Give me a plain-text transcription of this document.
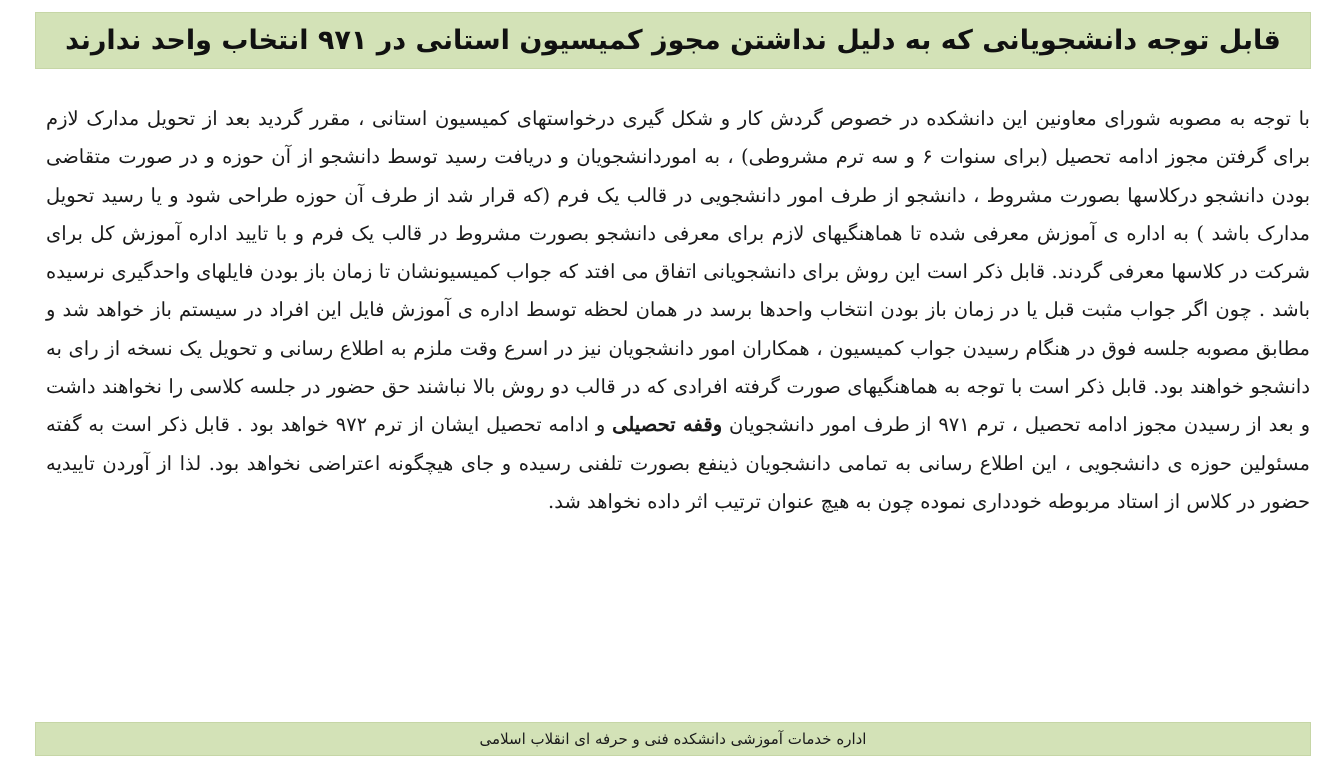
قابل توجه دانشجویانی که به دلیل نداشتن مجوز کمیسیون استانی در ۹۷۱ انتخاب واحد ندارند

با توجه به مصوبه شورای معاونین این دانشکده در خصوص گردش کار و شکل گیری درخواستهای کمیسیون استانی ، مقرر گردید بعد از تحویل مدارک لازم برای گرفتن مجوز ادامه تحصیل (برای سنوات ۶ و سه ترم مشروطی) ، به اموردانشجویان و دریافت رسید توسط دانشجو از آن حوزه و در صورت متقاضی بودن دانشجو درکلاسها بصورت مشروط ، دانشجو از طرف امور دانشجویی در قالب یک فرم (که قرار شد از طرف آن حوزه طراحی شود و یا رسید تحویل مدارک باشد ) به اداره ی آموزش معرفی شده تا هماهنگیهای لازم برای معرفی دانشجو بصورت مشروط در قالب یک فرم و با تایید اداره آموزش کل برای شرکت در کلاسها معرفی گردند. قابل ذکر است این روش برای دانشجویانی اتفاق می افتد که جواب کمیسیونشان تا زمان باز بودن فایلهای واحدگیری نرسیده باشد . چون اگر جواب مثبت قبل یا در زمان باز بودن انتخاب واحدها برسد در همان لحظه توسط اداره ی آموزش فایل این افراد در سیستم باز خواهد شد و مطابق مصوبه جلسه فوق در هنگام رسیدن جواب کمیسیون ، همکاران امور دانشجویان نیز در اسرع وقت ملزم به اطلاع رسانی و تحویل یک نسخه از رای به دانشجو خواهند بود. قابل ذکر است با توجه به هماهنگیهای صورت گرفته افرادی که در قالب دو روش بالا نباشند حق حضور در جلسه کلاسی را نخواهند داشت و بعد از رسیدن مجوز ادامه تحصیل ، ترم ۹۷۱ از طرف امور دانشجویان وقفه تحصیلی و ادامه تحصیل ایشان از ترم ۹۷۲ خواهد بود . قابل ذکر است به گفته مسئولین حوزه ی دانشجویی ، این اطلاع رسانی به تمامی دانشجویان ذینفع بصورت تلفنی رسیده و جای هیچگونه اعتراضی نخواهد بود. لذا از آوردن تاییدیه حضور در کلاس از استاد مربوطه خودداری نموده چون به هیچ عنوان ترتیب اثر داده نخواهد شد.

اداره خدمات آموزشی دانشکده فنی و حرفه ای انقلاب اسلامی
